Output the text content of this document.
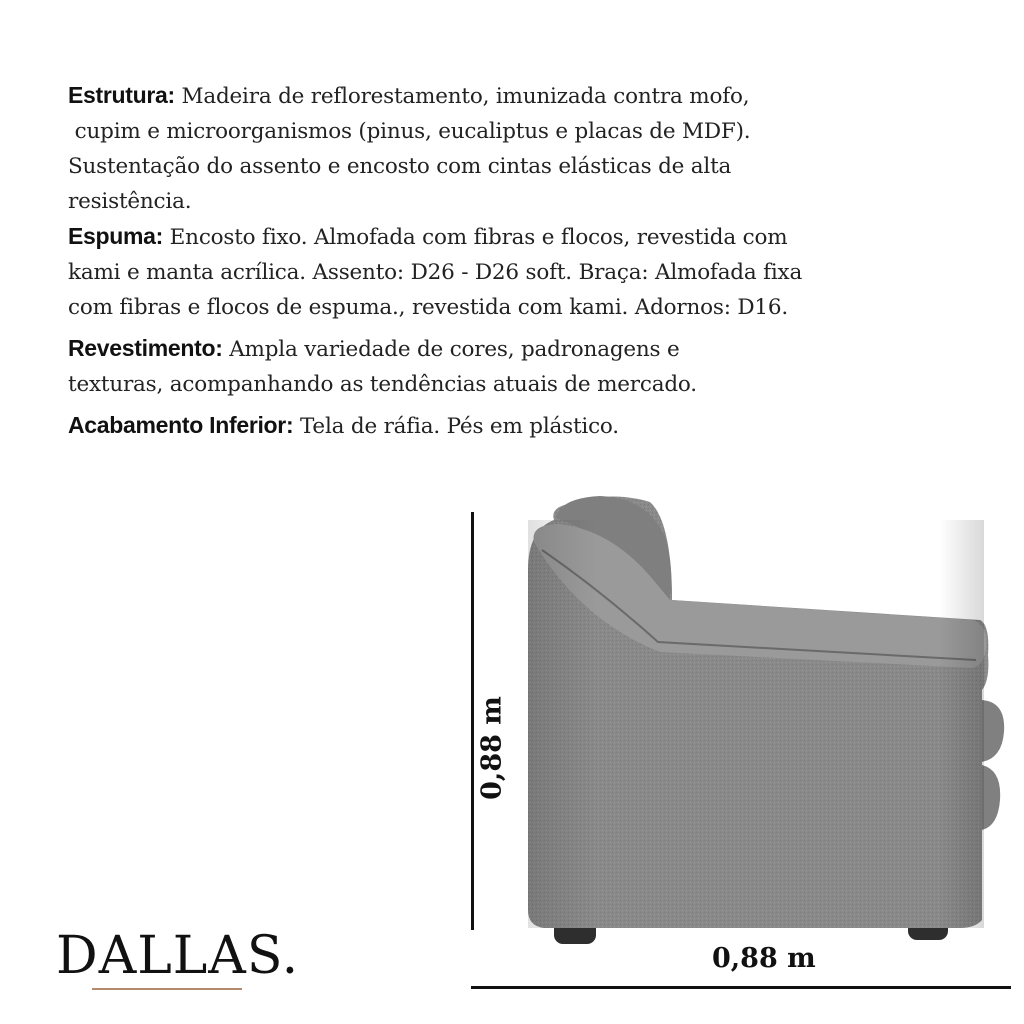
Estrutura: Madeira de reflorestamento, imunizada contra mofo,
cupim e microorganismos (pinus, eucaliptus e placas de MDF).
Sustentação do assento e encosto com cintas elásticas de alta
resistência.

Espuma: Encosto fixo. Almofada com fibras e flocos, revestida com
kami e manta acrílica. Assento: D26 - D26 soft. Braça: Almofada fixa
com fibras e flocos de espuma., revestida com kami. Adornos: D16.

Revestimento: Ampla variedade de cores, padronagens e
texturas, acompanhando as tendências atuais de mercado.

Acabamento Inferior: Tela de ráfia. Pés em plástico.

0,88 m
0,88 m
DALLAS.
